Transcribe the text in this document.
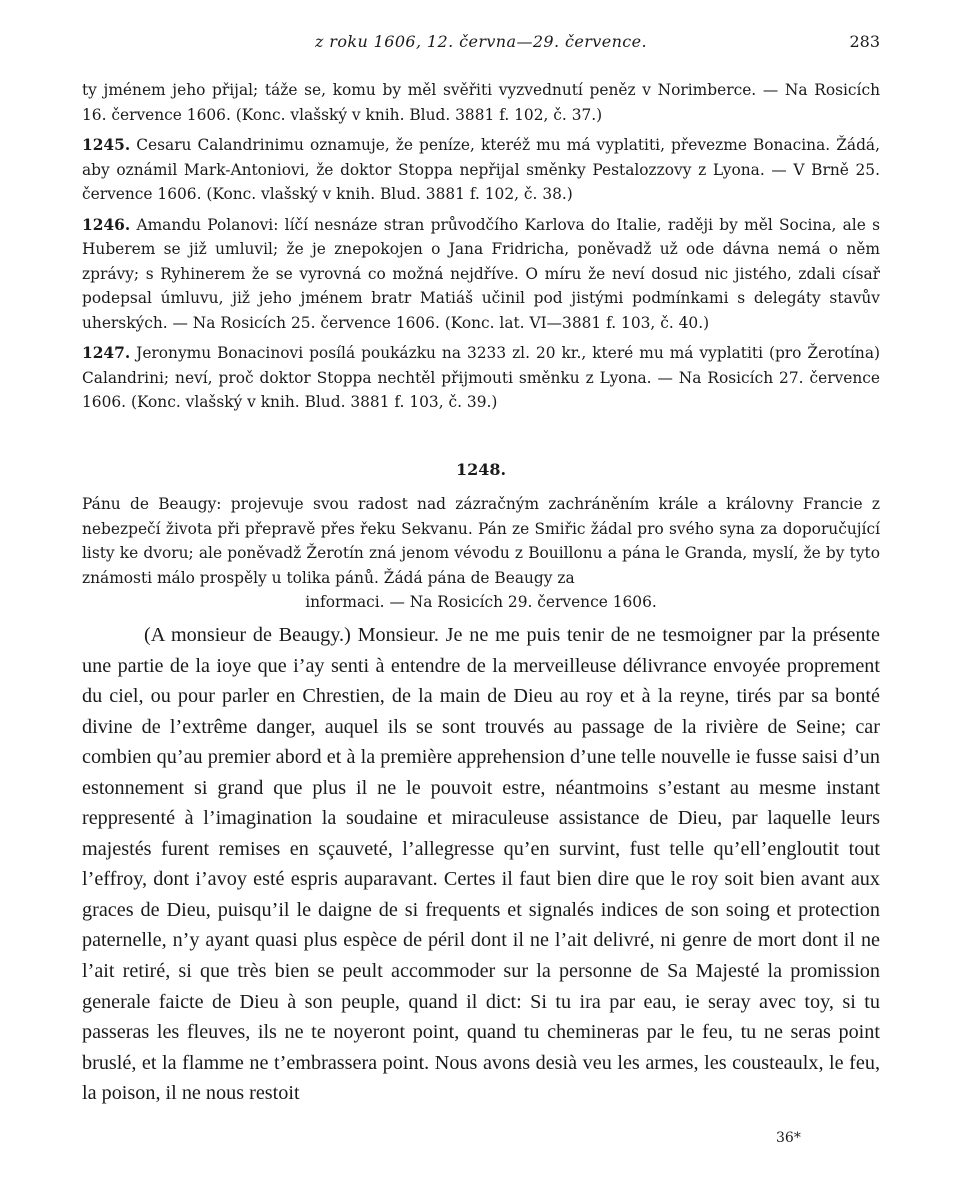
z roku 1606, 12. června—29. července.	283

ty jménem jeho přijal; táže se, komu by měl svěřiti vyzvednutí peněz v Norimberce. — Na Rosicích 16. července 1606. (Konc. vlašský v knih. Blud. 3881 f. 102, č. 37.)

1245. Cesaru Calandrinimu oznamuje, že peníze, kteréž mu má vyplatiti, převezme Bonacina. Žádá, aby oznámil Mark-Antoniovi, že doktor Stoppa nepřijal směnky Pestalozzovy z Lyona. — V Brně 25. července 1606. (Konc. vlašský v knih. Blud. 3881 f. 102, č. 38.)

1246. Amandu Polanovi: líčí nesnáze stran průvodčího Karlova do Italie, raději by měl Socina, ale s Huberem se již umluvil; že je znepokojen o Jana Fridricha, poněvadž už ode dávna nemá o něm zprávy; s Ryhinerem že se vyrovná co možná nejdříve. O míru že neví dosud nic jistého, zdali císař podepsal úmluvu, již jeho jménem bratr Matiáš učinil pod jistými podmínkami s delegáty stavův uherských. — Na Rosicích 25. července 1606. (Konc. lat. VI—3881 f. 103, č. 40.)

1247. Jeronymu Bonacinovi posílá poukázku na 3233 zl. 20 kr., které mu má vyplatiti (pro Žerotína) Calandrini; neví, proč doktor Stoppa nechtěl přijmouti směnku z Lyona. — Na Rosicích 27. července 1606. (Konc. vlašský v knih. Blud. 3881 f. 103, č. 39.)

1248.
Pánu de Beaugy: projevuje svou radost nad zázračným zachráněním krále a královny Francie z nebezpečí života při přepravě přes řeku Sekvanu. Pán ze Smiřic žádal pro svého syna za doporučující listy ke dvoru; ale poněvadž Žerotín zná jenom vévodu z Bouillonu a pána le Granda, myslí, že by tyto známosti málo prospěly u tolika pánů. Žádá pána de Beaugy za
informaci. — Na Rosicích 29. července 1606.
(A monsieur de Beaugy.) Monsieur. Je ne me puis tenir de ne tesmoigner par la présente une partie de la ioye que i’ay senti à entendre de la merveilleuse délivrance envoyée proprement du ciel, ou pour parler en Chrestien, de la main de Dieu au roy et à la reyne, tirés par sa bonté divine de l’extrême danger, auquel ils se sont trouvés au passage de la rivière de Seine; car combien qu’au premier abord et à la première apprehension d’une telle nouvelle ie fusse saisi d’un estonnement si grand que plus il ne le pouvoit estre, néantmoins s’estant au mesme instant reppresenté à l’imagination la soudaine et miraculeuse assistance de Dieu, par laquelle leurs majestés furent remises en sçauveté, l’allegresse qu’en survint, fust telle qu’ell’engloutit tout l’effroy, dont i’avoy esté espris auparavant. Certes il faut bien dire que le roy soit bien avant aux graces de Dieu, puisqu’il le daigne de si frequents et signalés indices de son soing et protection paternelle, n’y ayant quasi plus espèce de péril dont il ne l’ait delivré, ni genre de mort dont il ne l’ait retiré, si que très bien se peult accommoder sur la personne de Sa Majesté la promission generale faicte de Dieu à son peuple, quand il dict: Si tu ira par eau, ie seray avec toy, si tu passeras les fleuves, ils ne te noyeront point, quand tu chemineras par le feu, tu ne seras point bruslé, et la flamme ne t’embrassera point. Nous avons desià veu les armes, les cousteaulx, le feu, la poison, il ne nous restoit
36*
